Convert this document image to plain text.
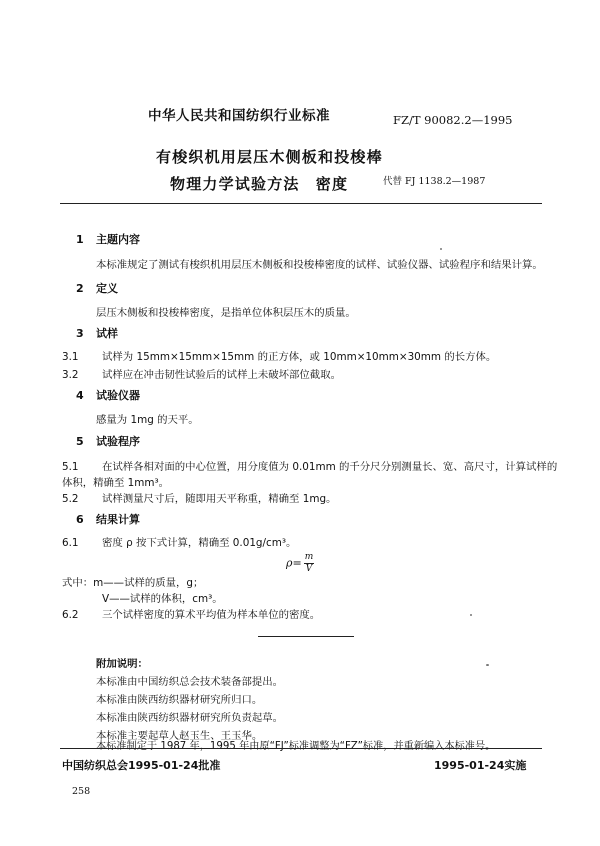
中华人民共和国纺织行业标准	FZ/T 90082.2—1995
有梭织机用层压木侧板和投梭棒
物理力学试验方法　密度	代替 FJ 1138.2—1987
1 主题内容
本标准规定了测试有梭织机用层压木侧板和投梭棒密度的试样、试验仪器、试验程序和结果计算。
2 定义
层压木侧板和投梭棒密度，是指单位体积层压木的质量。
3 试样
3.1 试样为 15mm×15mm×15mm 的正方体，或 10mm×10mm×30mm 的长方体。
3.2 试样应在冲击韧性试验后的试样上未破坏部位截取。
4 试验仪器
感量为 1mg 的天平。
5 试验程序
5.1 在试样各相对面的中心位置，用分度值为 0.01mm 的千分尺分别测量长、宽、高尺寸，计算试样的
体积，精确至 1mm³。
5.2 试样测量尺寸后，随即用天平称重，精确至 1mg。
6 结果计算
6.1 密度 ρ 按下式计算，精确至 0.01g/cm³。
$\rho= \frac{m}{V}$
式中：m——试样的质量，g；
V——试样的体积，cm³。
6.2 三个试样密度的算术平均值为样本单位的密度。
附加说明：
本标准由中国纺织总会技术装备部提出。
本标准由陕西纺织器材研究所归口。
本标准由陕西纺织器材研究所负责起草。
本标准主要起草人赵玉生、王玉华。
本标准制定于 1987 年，1995 年由原“FJ”标准调整为“FZ”标准，并重新编入本标准号。
中国纺织总会1995-01-24批准	1995-01-24实施
258
